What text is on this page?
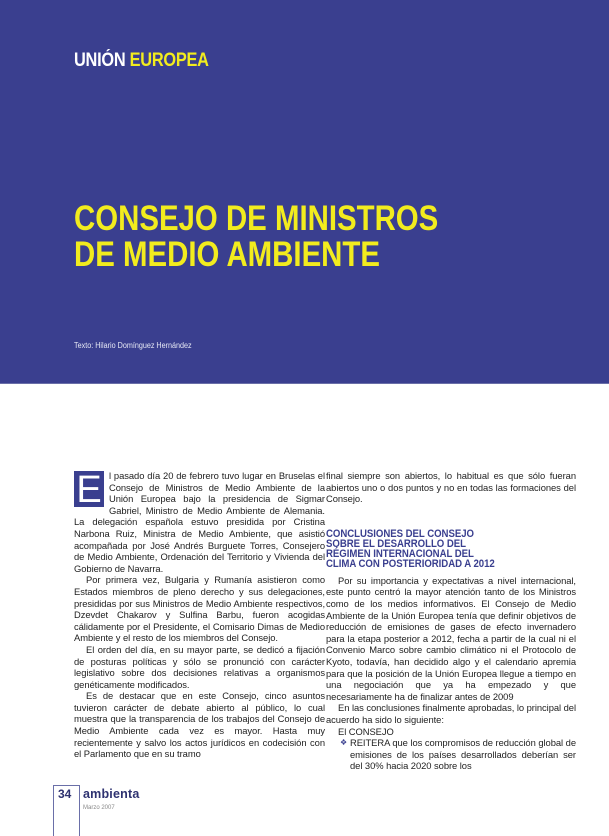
UNIÓN EUROPEA
CONSEJO DE MINISTROS
DE MEDIO AMBIENTE
Texto: Hilario Domínguez Hernández

E l pasado día 20 de febrero tuvo lugar en Bruselas el Consejo de Ministros de Medio Ambiente de la Unión Europea bajo la presidencia de Sigmar Gabriel, Ministro de Medio Ambiente de Alemania. La delegación española estuvo presidida por Cristina Narbona Ruiz, Ministra de Medio Ambiente, que asistió acompañada por José Andrés Burguete Torres, Consejero de Medio Ambiente, Ordenación del Territorio y Vivienda del Gobierno de Navarra.

Por primera vez, Bulgaria y Rumanía asistieron como Estados miembros de pleno derecho y sus delegaciones, presididas por sus Ministros de Medio Ambiente respectivos, Dzevdet Chakarov y Sulfina Barbu, fueron acogidas cálidamente por el Presidente, el Comisario Dimas de Medio Ambiente y el resto de los miembros del Consejo.

El orden del día, en su mayor parte, se dedicó a fijación de posturas políticas y sólo se pronunció con carácter legislativo sobre dos decisiones relativas a organismos genéticamente modificados.

Es de destacar que en este Consejo, cinco asuntos tuvieron carácter de debate abierto al público, lo cual muestra que la transparencia de los trabajos del Consejo de Medio Ambiente cada vez es mayor. Hasta muy recientemente y salvo los actos jurídicos en codecisión con el Parlamento que en su tramo

final siempre son abiertos, lo habitual es que sólo fueran abiertos uno o dos puntos y no en todas las formaciones del Consejo.

CONCLUSIONES DEL CONSEJO
SOBRE EL DESARROLLO DEL
RÉGIMEN INTERNACIONAL DEL
CLIMA CON POSTERIORIDAD A 2012

Por su importancia y expectativas a nivel internacional, este punto centró la mayor atención tanto de los Ministros como de los medios informativos. El Consejo de Medio Ambiente de la Unión Europea tenía que definir objetivos de reducción de emisiones de gases de efecto invernadero para la etapa posterior a 2012, fecha a partir de la cual ni el Convenio Marco sobre cambio climático ni el Protocolo de Kyoto, todavía, han decidido algo y el calendario apremia para que la posición de la Unión Europea llegue a tiempo en una negociación que ya ha empezado y que necesariamente ha de finalizar antes de 2009

En las conclusiones finalmente aprobadas, lo principal del acuerdo ha sido lo siguiente:

El CONSEJO

❖ REITERA que los compromisos de reducción global de emisiones de los países desarrollados deberían ser del 30% hacia 2020 sobre los

34 ambienta
Marzo 2007
